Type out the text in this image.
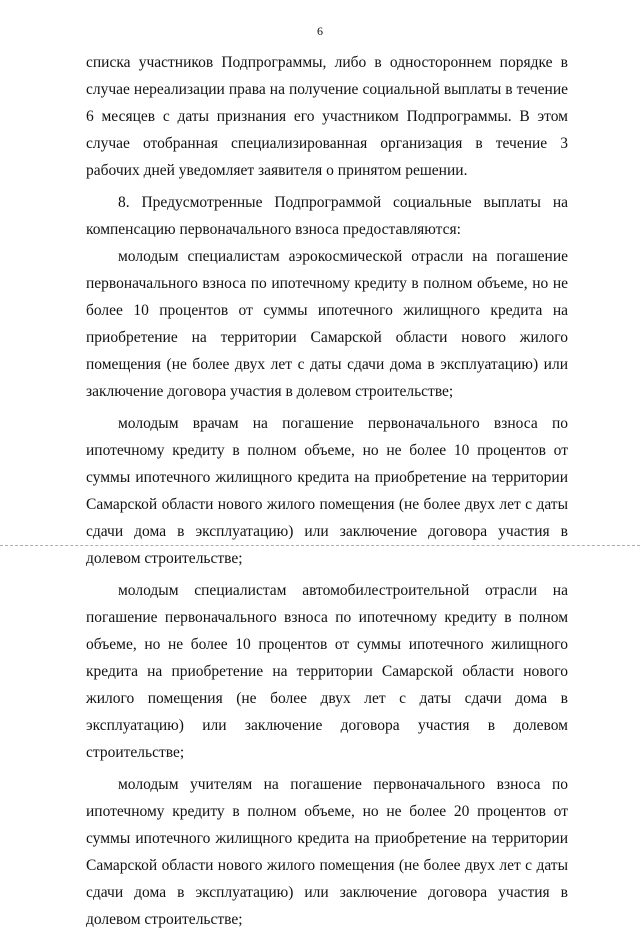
6

списка участников Подпрограммы, либо в одностороннем порядке в случае нереализации права на получение социальной выплаты в течение 6 месяцев с даты признания его участником Подпрограммы. В этом случае отобранная специализированная организация в течение 3 рабочих дней уведомляет заявителя о принятом решении.

8. Предусмотренные Подпрограммой социальные выплаты на компенсацию первоначального взноса предоставляются:

молодым специалистам аэрокосмической отрасли на погашение первоначального взноса по ипотечному кредиту в полном объеме, но не более 10 процентов от суммы ипотечного жилищного кредита на приобретение на территории Самарской области нового жилого помещения (не более двух лет с даты сдачи дома в эксплуатацию) или заключение договора участия в долевом строительстве;

молодым врачам на погашение первоначального взноса по ипотечному кредиту в полном объеме, но не более 10 процентов от суммы ипотечного жилищного кредита на приобретение на территории Самарской области нового жилого помещения (не более двух лет с даты сдачи дома в эксплуатацию) или заключение договора участия в долевом строительстве;

молодым специалистам автомобилестроительной отрасли на погашение первоначального взноса по ипотечному кредиту в полном объеме, но не более 10 процентов от суммы ипотечного жилищного кредита на приобретение на территории Самарской области нового жилого помещения (не более двух лет с даты сдачи дома в эксплуатацию) или заключение договора участия в долевом строительстве;

молодым учителям на погашение первоначального взноса по ипотечному кредиту в полном объеме, но не более 20 процентов от суммы ипотечного жилищного кредита на приобретение на территории Самарской области нового жилого помещения (не более двух лет с даты сдачи дома в эксплуатацию) или заключение договора участия в долевом строительстве;
